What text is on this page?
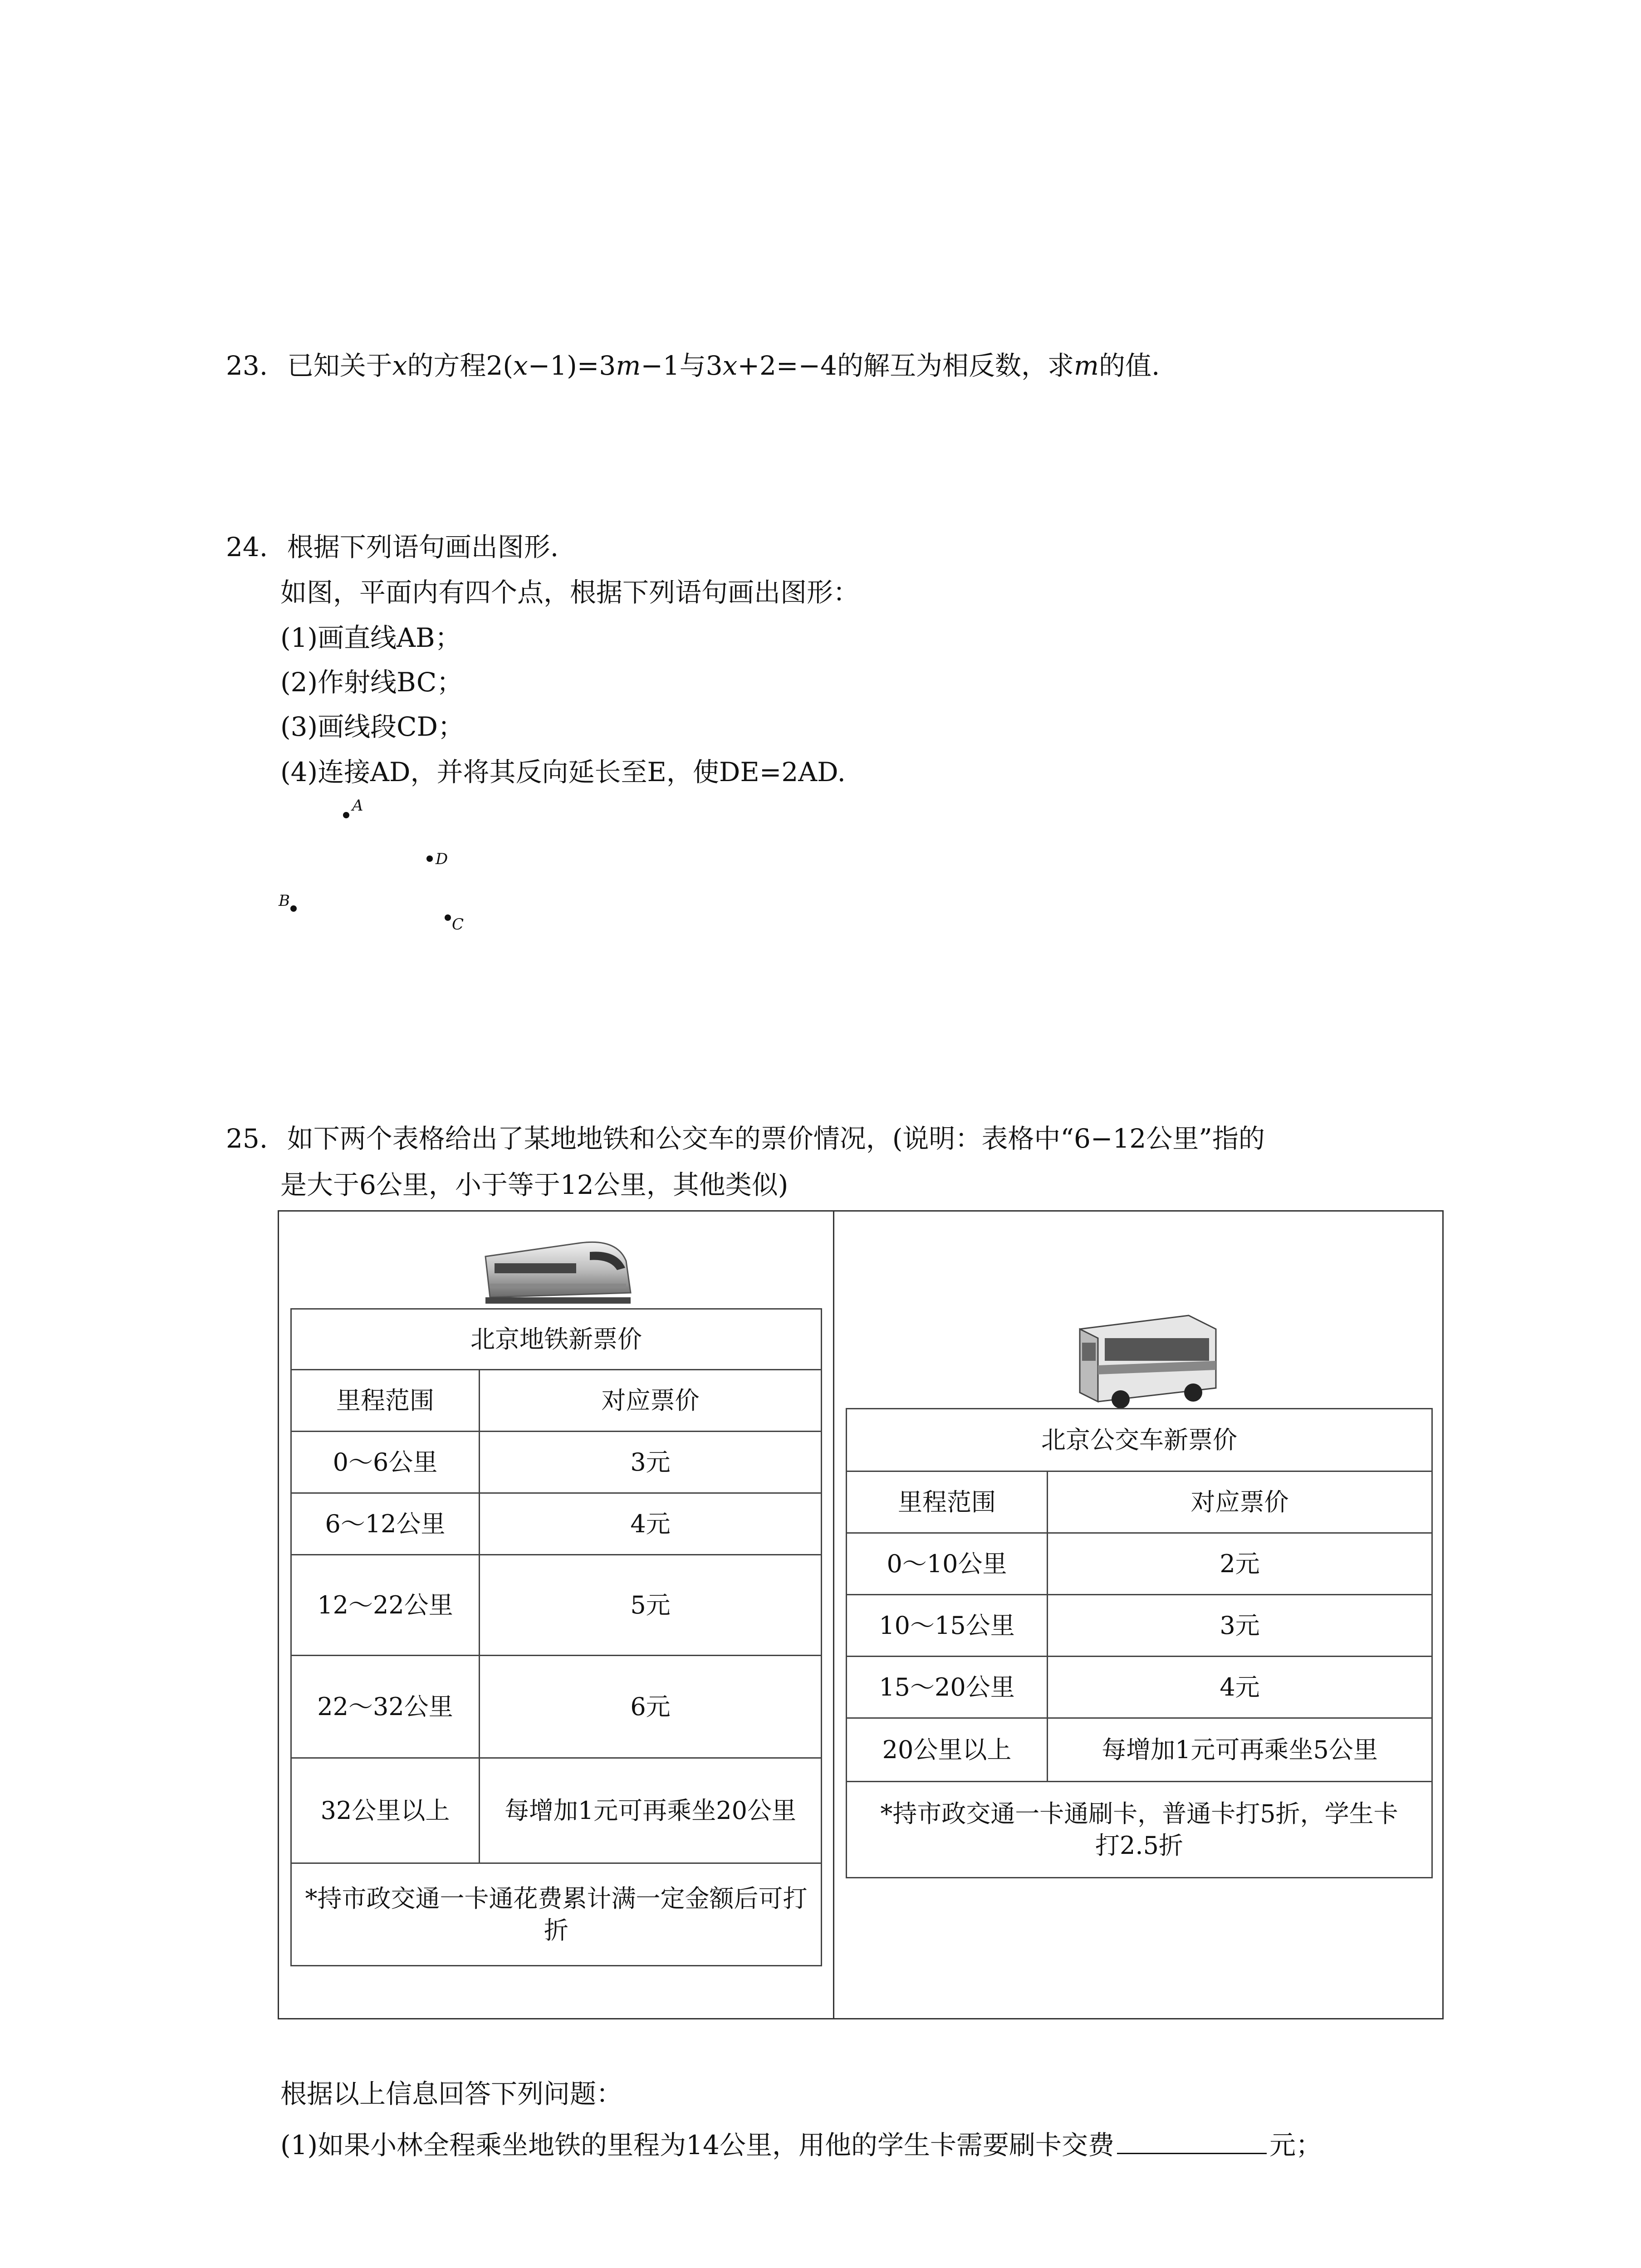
23. 已知关于x的方程2(x−1)=3m−1与3x+2=−4的解互为相反数，求m的值.
24. 根据下列语句画出图形.
如图，平面内有四个点，根据下列语句画出图形：
(1)画直线AB；
(2)作射线BC；
(3)画线段CD；
(4)连接AD，并将其反向延长至E，使DE=2AD.
A
D
B
C
25. 如下两个表格给出了某地地铁和公交车的票价情况，(说明：表格中“6−12公里”指的
是大于6公里，小于等于12公里，其他类似)
北京地铁新票价	
里程范围	对应票价
0～6公里	3元
6～12公里	4元
12～22公里	5元
22～32公里	6元
32公里以上	每增加1元可再乘坐20公里
*持市政交通一卡通花费累计满一定金额后可打折	
北京公交车新票价	
里程范围	对应票价
0～10公里	2元
10～15公里	3元
15～20公里	4元
20公里以上	每增加1元可再乘坐5公里
*持市政交通一卡通刷卡，普通卡打5折，学生卡打2.5折	
根据以上信息回答下列问题：
(1)如果小林全程乘坐地铁的里程为14公里，用他的学生卡需要刷卡交费	元；
